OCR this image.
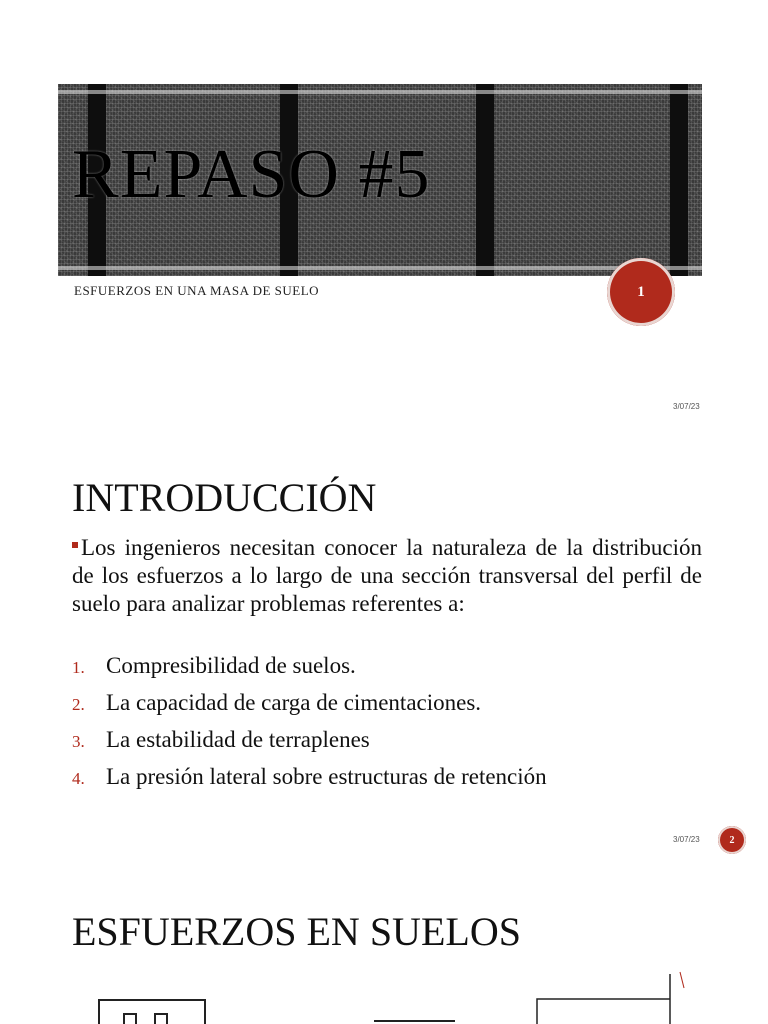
REPASO #5

ESFUERZOS EN UNA MASA DE SUELO	1
3/07/23
INTRODUCCIÓN

Los ingenieros necesitan conocer la naturaleza de la distribución de los esfuerzos a lo largo de una sección transversal del perfil de suelo para analizar problemas referentes a:

1. Compresibilidad de suelos.
2. La capacidad de carga de cimentaciones.
3. La estabilidad de terraplenes
4. La presión lateral sobre estructuras de retención
3/07/23	2
ESFUERZOS EN SUELOS
